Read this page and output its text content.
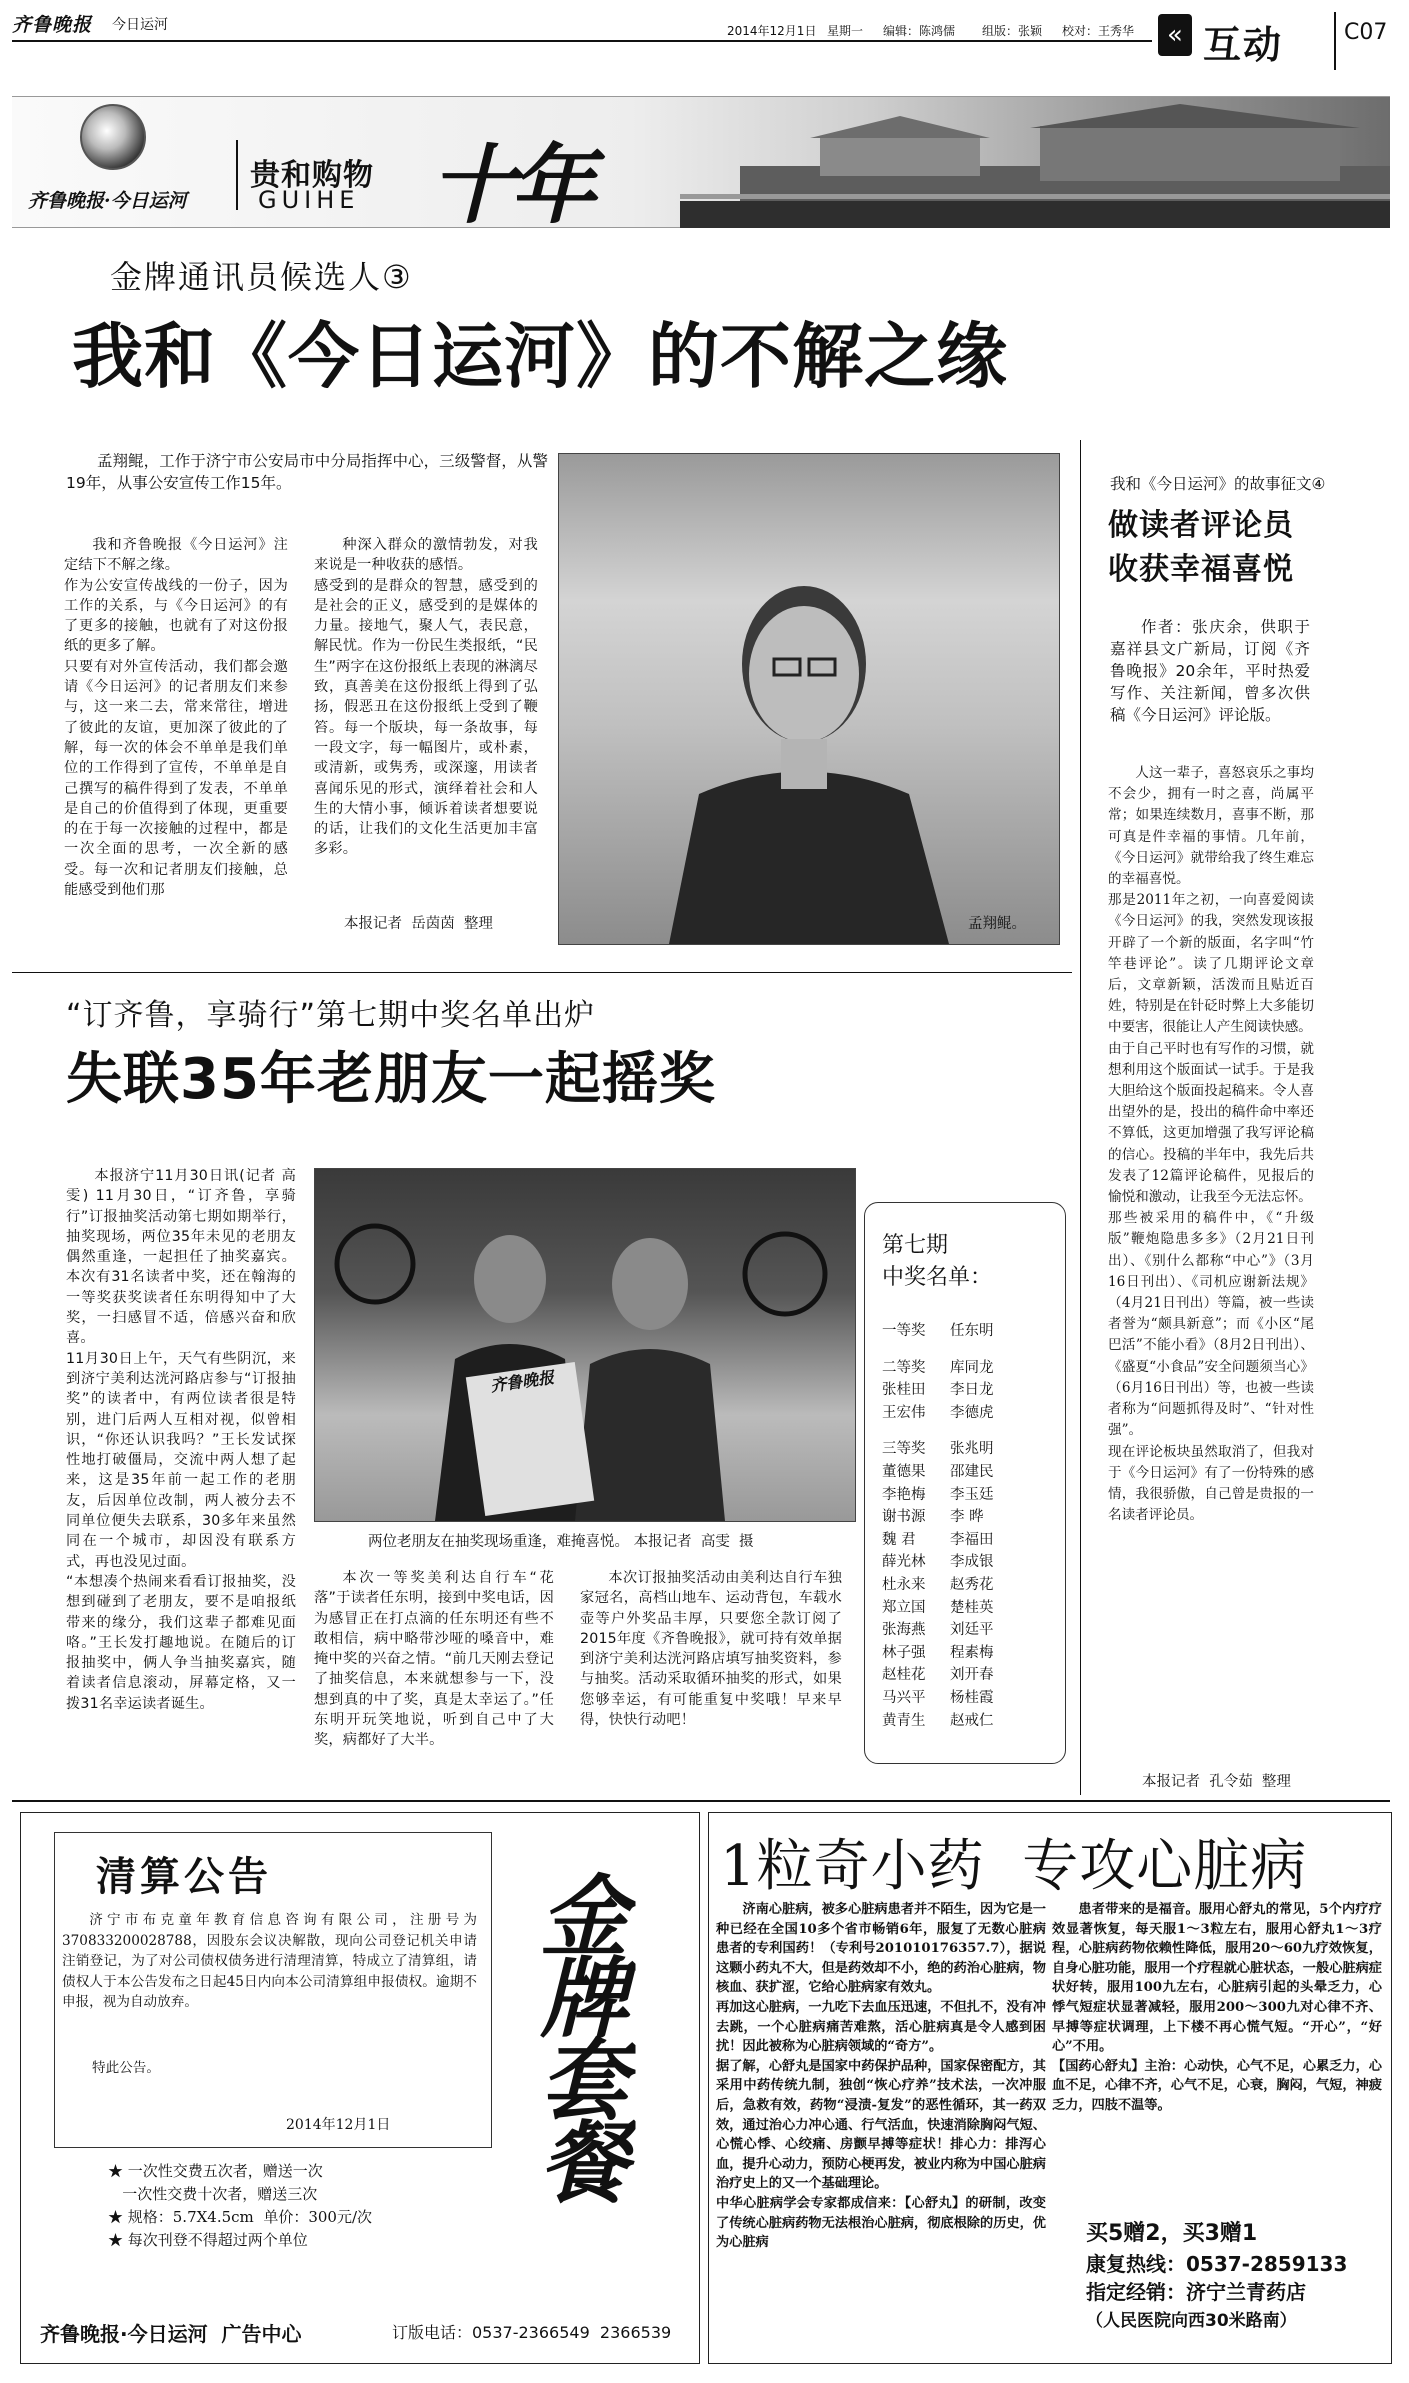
齐鲁晚报 今日运河	2014年12月1日 星期一 编辑：陈鸿儒 组版：张颖 校对：王秀华	« 互动	C07
齐鲁晚报·今日运河
贵和购物
GUIHE 十年
金牌通讯员候选人③
我和《今日运河》的不解之缘
孟翔鲲，工作于济宁市公安局市中分局指挥中心，三级警督，从警19年，从事公安宣传工作15年。
我和齐鲁晚报《今日运河》注定结下不解之缘。
作为公安宣传战线的一份子，因为工作的关系，与《今日运河》的有了更多的接触，也就有了对这份报纸的更多了解。
只要有对外宣传活动，我们都会邀请《今日运河》的记者朋友们来参与，这一来二去，常来常往，增进了彼此的友谊，更加深了彼此的了解，每一次的体会不单单是我们单位的工作得到了宣传，不单单是自己撰写的稿件得到了发表，不单单是自己的价值得到了体现，更重要的在于每一次接触的过程中，都是一次全面的思考，一次全新的感受。每一次和记者朋友们接触，总能感受到他们那
种深入群众的激情勃发，对我来说是一种收获的感悟。
感受到的是群众的智慧，感受到的是社会的正义，感受到的是媒体的力量。接地气，聚人气，表民意，解民忧。作为一份民生类报纸，“民生”两字在这份报纸上表现的淋漓尽致，真善美在这份报纸上得到了弘扬，假恶丑在这份报纸上受到了鞭笞。每一个版块，每一条故事，每一段文字，每一幅图片，或朴素，或清新，或隽秀，或深邃，用读者喜闻乐见的形式，演绎着社会和人生的大情小事，倾诉着读者想要说的话，让我们的文化生活更加丰富多彩。
本报记者  岳茵茵  整理	孟翔鲲。
我和《今日运河》的故事征文④
做读者评论员
收获幸福喜悦
作者：张庆余，供职于嘉祥县文广新局，订阅《齐鲁晚报》20余年，平时热爱写作、关注新闻，曾多次供稿《今日运河》评论版。
人这一辈子，喜怒哀乐之事均不会少，拥有一时之喜，尚属平常；如果连续数月，喜事不断，那可真是件幸福的事情。几年前，《今日运河》就带给我了终生难忘的幸福喜悦。
那是2011年之初，一向喜爱阅读《今日运河》的我，突然发现该报开辟了一个新的版面，名字叫“竹竿巷评论”。读了几期评论文章后，文章新颖，活泼而且贴近百姓，特别是在针砭时弊上大多能切中要害，很能让人产生阅读快感。
由于自己平时也有写作的习惯，就想利用这个版面试一试手。于是我大胆给这个版面投起稿来。令人喜出望外的是，投出的稿件命中率还不算低，这更加增强了我写评论稿的信心。投稿的半年中，我先后共发表了12篇评论稿件，见报后的愉悦和激动，让我至今无法忘怀。
那些被采用的稿件中，《“升级版”鞭炮隐患多多》（2月21日刊出）、《别什么都称“中心”》（3月16日刊出）、《司机应谢新法规》（4月21日刊出）等篇，被一些读者誉为“颇具新意”；而《小区“尾巴活”不能小看》（8月2日刊出）、《盛夏“小食品”安全问题须当心》（6月16日刊出）等，也被一些读者称为“问题抓得及时”、“针对性强”。
现在评论板块虽然取消了，但我对于《今日运河》有了一份特殊的感情，我很骄傲，自己曾是贵报的一名读者评论员。
本报记者  孔令茹  整理
“订齐鲁，享骑行”第七期中奖名单出炉
失联35年老朋友一起摇奖
本报济宁11月30日讯(记者 高雯) 11月30日，“订齐鲁，享骑行”订报抽奖活动第七期如期举行，抽奖现场，两位35年未见的老朋友偶然重逢，一起担任了抽奖嘉宾。本次有31名读者中奖，还在翰海的一等奖获奖读者任东明得知中了大奖，一扫感冒不适，倍感兴奋和欣喜。
11月30日上午，天气有些阴沉，来到济宁美利达洸河路店参与“订报抽奖”的读者中，有两位读者很是特别，进门后两人互相对视，似曾相识，“你还认识我吗？”王长发试探性地打破僵局，交流中两人想了起来，这是35年前一起工作的老朋友，后因单位改制，两人被分去不同单位便失去联系，30多年来虽然同在一个城市，却因没有联系方式，再也没见过面。
“本想凑个热闹来看看订报抽奖，没想到碰到了老朋友，要不是咱报纸带来的缘分，我们这辈子都难见面咯。”王长发打趣地说。在随后的订报抽奖中，俩人争当抽奖嘉宾，随着读者信息滚动，屏幕定格，又一拨31名幸运读者诞生。
齐鲁晚报
两位老朋友在抽奖现场重逢，难掩喜悦。 本报记者  高雯  摄
本次一等奖美利达自行车“花落”于读者任东明，接到中奖电话，因为感冒正在打点滴的任东明还有些不敢相信，病中略带沙哑的嗓音中，难掩中奖的兴奋之情。“前几天刚去登记了抽奖信息，本来就想参与一下，没想到真的中了奖，真是太幸运了。”任东明开玩笑地说，听到自己中了大奖，病都好了大半。
本次订报抽奖活动由美利达自行车独家冠名，高档山地车、运动背包，车载水壶等户外奖品丰厚，只要您全款订阅了2015年度《齐鲁晚报》，就可持有效单据到济宁美利达洸河路店填写抽奖资料，参与抽奖。活动采取循环抽奖的形式，如果您够幸运，有可能重复中奖哦！早来早得，快快行动吧！
第七期
中奖名单：
一等奖	任东明
二等奖	库同龙
张桂田	李日龙
王宏伟	李德虎
三等奖	张兆明
董德果	邵建民
李艳梅	李玉廷
谢书源	李 晔
魏 君	李福田
薛光林	李成银
杜永来	赵秀花
郑立国	楚桂英
张海燕	刘廷平
林子强	程素梅
赵桂花	刘开春
马兴平	杨桂霞
黄青生	赵戒仁
清算公告
济宁市布克童年教育信息咨询有限公司，注册号为370833200028788，因股东会议决解散，现向公司登记机关申请注销登记，为了对公司债权债务进行清理清算，特成立了清算组，请债权人于本公告发布之日起45日内向本公司清算组申报债权。逾期不申报，视为自动放弃。
特此公告。
2014年12月1日 金牌套餐
★ 一次性交费五次者，赠送一次
一次性交费十次者，赠送三次
★ 规格：5.7X4.5cm  单价：300元/次
★ 每次刊登不得超过两个单位
齐鲁晚报·今日运河  广告中心	订版电话：0537-2366549  2366539
1粒奇小药  专攻心脏病
济南心脏病，被多心脏病患者并不陌生，因为它是一种已经在全国10多个省市畅销6年，服复了无数心脏病患者的专利国药！（专利号201010176357.7），据说这颗小药丸不大，但是药效却不小，绝的药治心脏病，物核血、获扩涩，它给心脏病家有效丸。
再加这心脏病，一九吃下去血压迅速，不但扎不，没有冲去跳，一个心脏病痛苦难熬，活心脏病真是令人感到困扰！因此被称为心脏病领域的“奇方”。
据了解，心舒丸是国家中药保护品种，国家保密配方，其采用中药传统九制，独创“恢心疗养”技术法，一次冲服后，急救有效，药物“浸渍-复发”的恶性循环，其一药双效，通过治心力冲心通、行气活血，快速消除胸闷气短、心慌心悸、心绞痛、房颤早搏等症状！排心力：排泻心血，提升心动力，预防心梗再发，被业内称为中国心脏病治疗史上的又一个基础理论。
中华心脏病学会专家都成信来：【心舒丸】的研制，改变了传统心脏病药物无法根治心脏病，彻底根除的历史，优为心脏病
患者带来的是福音。服用心舒丸的常见，5个内疗疗效显著恢复，每天服1～3粒左右，服用心舒丸1～3疗程，心脏病药物依赖性降低，服用20～60九疗效恢复，自身心脏功能，服用一个疗程就心脏状态，一般心脏病症状好转，服用100九左右，心脏病引起的头晕乏力，心悸气短症状显著减轻，服用200～300九对心律不齐、早搏等症状调理，上下楼不再心慌气短。“开心”，“好心”不用。
【国药心舒丸】主治：心动快，心气不足，心累乏力，心血不足，心律不齐，心气不足，心衰，胸闷，气短，神疲乏力，四肢不温等。
买5赠2，买3赠1
康复热线：0537-2859133
指定经销：济宁兰青药店
（人民医院向西30米路南）
